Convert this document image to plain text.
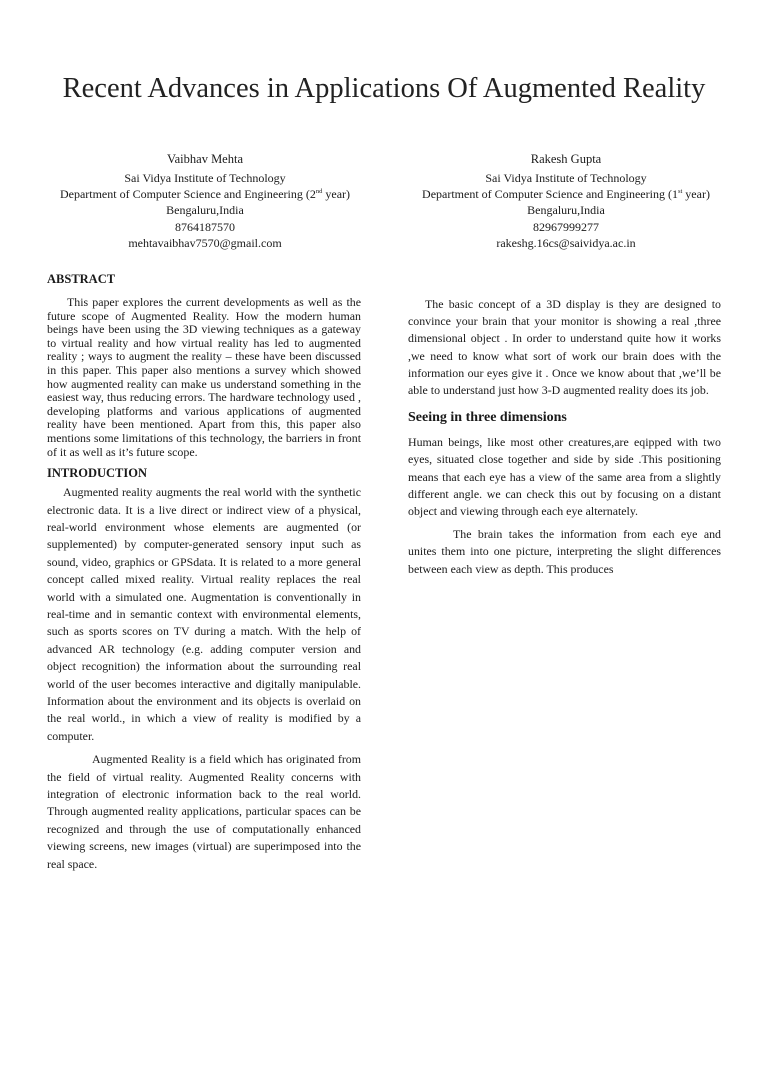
Recent Advances in Applications Of Augmented Reality
Vaibhav Mehta
Sai Vidya Institute of Technology
Department of Computer Science and Engineering (2nd year)
Bengaluru,India
8764187570
mehtavaibhav7570@gmail.com
Rakesh Gupta
Sai Vidya Institute of Technology
Department of Computer Science and Engineering (1st year)
Bengaluru,India
82967999277
rakeshg.16cs@saividya.ac.in
ABSTRACT

This paper explores the current developments as well as the future scope of Augmented Reality. How the modern human beings have been using the 3D viewing techniques as a gateway to virtual reality and how virtual reality has led to augmented reality ; ways to augment the reality – these have been discussed in this paper. This paper also mentions a survey which showed how augmented reality can make us understand something in the easiest way, thus reducing errors. The hardware technology used , developing platforms and various applications of augmented reality have been mentioned. Apart from this, this paper also mentions some limitations of this technology, the barriers in front of it as well as it’s future scope.

INTRODUCTION

Augmented reality augments the real world with the synthetic electronic data. It is a live direct or indirect view of a physical, real-world environment whose elements are augmented (or supplemented) by computer-generated sensory input such as sound, video, graphics or GPSdata. It is related to a more general concept called mixed reality. Virtual reality replaces the real world with a simulated one. Augmentation is conventionally in real-time and in semantic context with environmental elements, such as sports scores on TV during a match. With the help of advanced AR technology (e.g. adding computer version and object recognition) the information about the surrounding real world of the user becomes interactive and digitally manipulable. Information about the environment and its objects is overlaid on the real world., in which a view of reality is modified by a computer.

Augmented Reality is a field which has originated from the field of virtual reality. Augmented Reality concerns with integration of electronic information back to the real world. Through augmented reality applications, particular spaces can be recognized and through the use of computationally enhanced viewing screens, new images (virtual) are superimposed into the real space.

The basic concept of a 3D display is they are designed to convince your brain that your monitor is showing a real ,three dimensional object . In order to understand quite how it works ,we need to know what sort of work our brain does with the information our eyes give it . Once we know about that ,we’ll be able to understand just how 3-D augmented reality does its job.

Seeing in three dimensions

Human beings, like most other creatures,are eqipped with two eyes, situated close together and side by side .This positioning means that each eye has a view of the same area from a slightly different angle. we can check this out by focusing on a distant object and viewing through each eye alternately.

The brain takes the information from each eye and unites them into one picture, interpreting the slight differences between each view as depth. This produces
